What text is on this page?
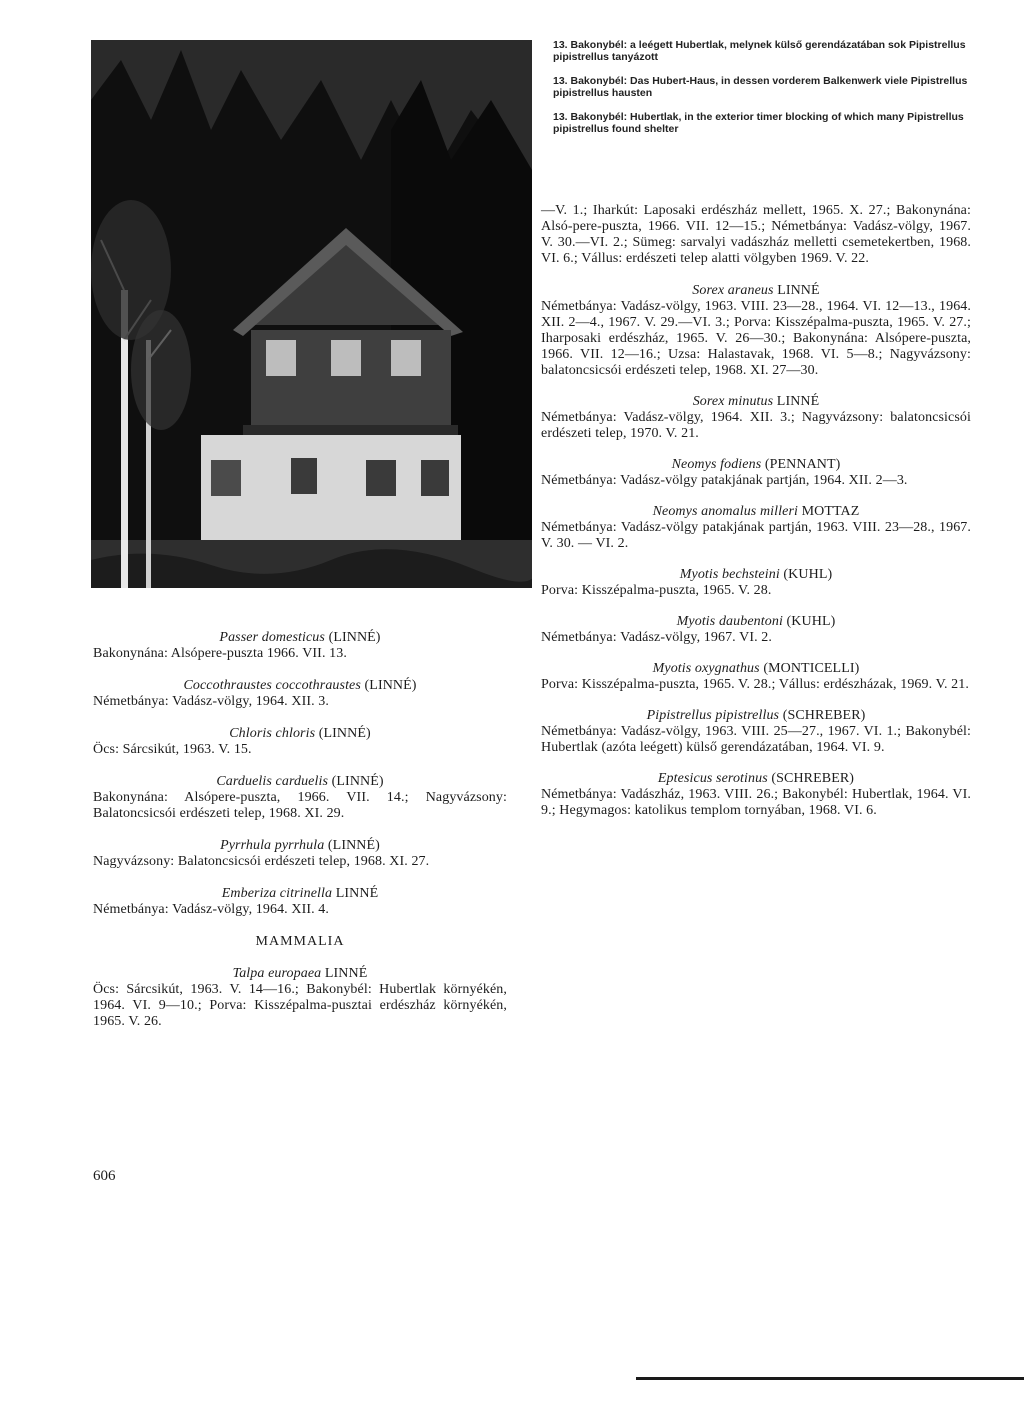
13. Bakonybél: a leégett Hubertlak, melynek külső gerendázatában sok Pipistrellus pipistrellus tanyázott

13. Bakonybél: Das Hubert-Haus, in dessen vorderem Balkenwerk viele Pipistrellus pipistrellus hausten

13. Bakonybél: Hubertlak, in the exterior timer blocking of which many Pipistrellus pipistrellus found shelter

—V. 1.; Iharkút: Laposaki erdészház mellett, 1965. X. 27.; Bakonynána: Alsó-pere-puszta, 1966. VII. 12—15.; Németbánya: Vadász-völgy, 1967. V. 30.—VI. 2.; Sümeg: sarvalyi vadászház melletti csemetekertben, 1968. VI. 6.; Vállus: erdészeti telep alatti völgyben 1969. V. 22.
Sorex araneus LINNÉ
Németbánya: Vadász-völgy, 1963. VIII. 23—28., 1964. VI. 12—13., 1964. XII. 2—4., 1967. V. 29.—VI. 3.; Porva: Kisszépalma-puszta, 1965. V. 27.; Iharposaki erdészház, 1965. V. 26—30.; Bakonynána: Alsópere-puszta, 1966. VII. 12—16.; Uzsa: Halastavak, 1968. VI. 5—8.; Nagyvázsony: balatoncsicsói erdészeti telep, 1968. XI. 27—30.
Sorex minutus LINNÉ
Németbánya: Vadász-völgy, 1964. XII. 3.; Nagyvázsony: balatoncsicsói erdészeti telep, 1970. V. 21.
Neomys fodiens (PENNANT)
Németbánya: Vadász-völgy patakjának partján, 1964. XII. 2—3.
Neomys anomalus milleri MOTTAZ
Németbánya: Vadász-völgy patakjának partján, 1963. VIII. 23—28., 1967. V. 30. — VI. 2.
Myotis bechsteini (KUHL)
Porva: Kisszépalma-puszta, 1965. V. 28.
Myotis daubentoni (KUHL)
Németbánya: Vadász-völgy, 1967. VI. 2.
Myotis oxygnathus (MONTICELLI)
Porva: Kisszépalma-puszta, 1965. V. 28.; Vállus: erdészházak, 1969. V. 21.
Pipistrellus pipistrellus (SCHREBER)
Németbánya: Vadász-völgy, 1963. VIII. 25—27., 1967. VI. 1.; Bakonybél: Hubertlak (azóta leégett) külső gerendázatában, 1964. VI. 9.
Eptesicus serotinus (SCHREBER)
Németbánya: Vadászház, 1963. VIII. 26.; Bakonybél: Hubertlak, 1964. VI. 9.; Hegymagos: katolikus templom tornyában, 1968. VI. 6.
Passer domesticus (LINNÉ)
Bakonynána: Alsópere-puszta 1966. VII. 13.
Coccothraustes coccothraustes (LINNÉ)
Németbánya: Vadász-völgy, 1964. XII. 3.
Chloris chloris (LINNÉ)
Öcs: Sárcsikút, 1963. V. 15.
Carduelis carduelis (LINNÉ)
Bakonynána: Alsópere-puszta, 1966. VII. 14.; Nagyvázsony: Balatoncsicsói erdészeti telep, 1968. XI. 29.
Pyrrhula pyrrhula (LINNÉ)
Nagyvázsony: Balatoncsicsói erdészeti telep, 1968. XI. 27.
Emberiza citrinella LINNÉ
Németbánya: Vadász-völgy, 1964. XII. 4.
MAMMALIA
Talpa europaea LINNÉ
Öcs: Sárcsikút, 1963. V. 14—16.; Bakonybél: Hubertlak környékén, 1964. VI. 9—10.; Porva: Kisszépalma-pusztai erdészház környékén, 1965. V. 26.
606
